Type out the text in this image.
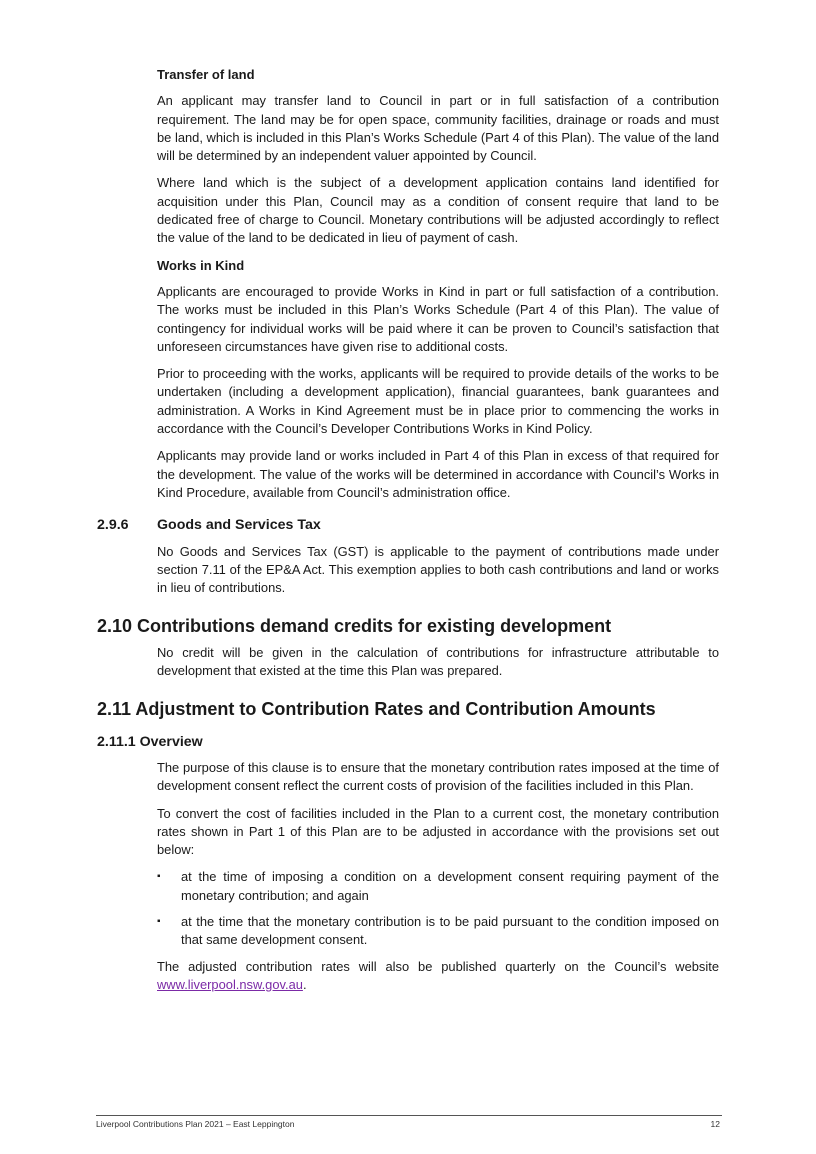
Transfer of land

An applicant may transfer land to Council in part or in full satisfaction of a contribution requirement. The land may be for open space, community facilities, drainage or roads and must be land, which is included in this Plan’s Works Schedule (Part 4 of this Plan). The value of the land will be determined by an independent valuer appointed by Council.

Where land which is the subject of a development application contains land identified for acquisition under this Plan, Council may as a condition of consent require that land to be dedicated free of charge to Council. Monetary contributions will be adjusted accordingly to reflect the value of the land to be dedicated in lieu of payment of cash.

Works in Kind

Applicants are encouraged to provide Works in Kind in part or full satisfaction of a contribution. The works must be included in this Plan’s Works Schedule (Part 4 of this Plan). The value of contingency for individual works will be paid where it can be proven to Council’s satisfaction that unforeseen circumstances have given rise to additional costs.

Prior to proceeding with the works, applicants will be required to provide details of the works to be undertaken (including a development application), financial guarantees, bank guarantees and administration. A Works in Kind Agreement must be in place prior to commencing the works in accordance with the Council’s Developer Contributions Works in Kind Policy.

Applicants may provide land or works included in Part 4 of this Plan in excess of that required for the development. The value of the works will be determined in accordance with Council’s Works in Kind Procedure, available from Council’s administration office.

2.9.6 Goods and Services Tax

No Goods and Services Tax (GST) is applicable to the payment of contributions made under section 7.11 of the EP&A Act. This exemption applies to both cash contributions and land or works in lieu of contributions.

2.10 Contributions demand credits for existing development

No credit will be given in the calculation of contributions for infrastructure attributable to development that existed at the time this Plan was prepared.

2.11 Adjustment to Contribution Rates and Contribution Amounts
2.11.1 Overview

The purpose of this clause is to ensure that the monetary contribution rates imposed at the time of development consent reflect the current costs of provision of the facilities included in this Plan.

To convert the cost of facilities included in the Plan to a current cost, the monetary contribution rates shown in Part 1 of this Plan are to be adjusted in accordance with the provisions set out below:

▪ at the time of imposing a condition on a development consent requiring payment of the monetary contribution; and again
▪ at the time that the monetary contribution is to be paid pursuant to the condition imposed on that same development consent.

The adjusted contribution rates will also be published quarterly on the Council’s website www.liverpool.nsw.gov.au.

Liverpool Contributions Plan 2021 – East Leppington	12
